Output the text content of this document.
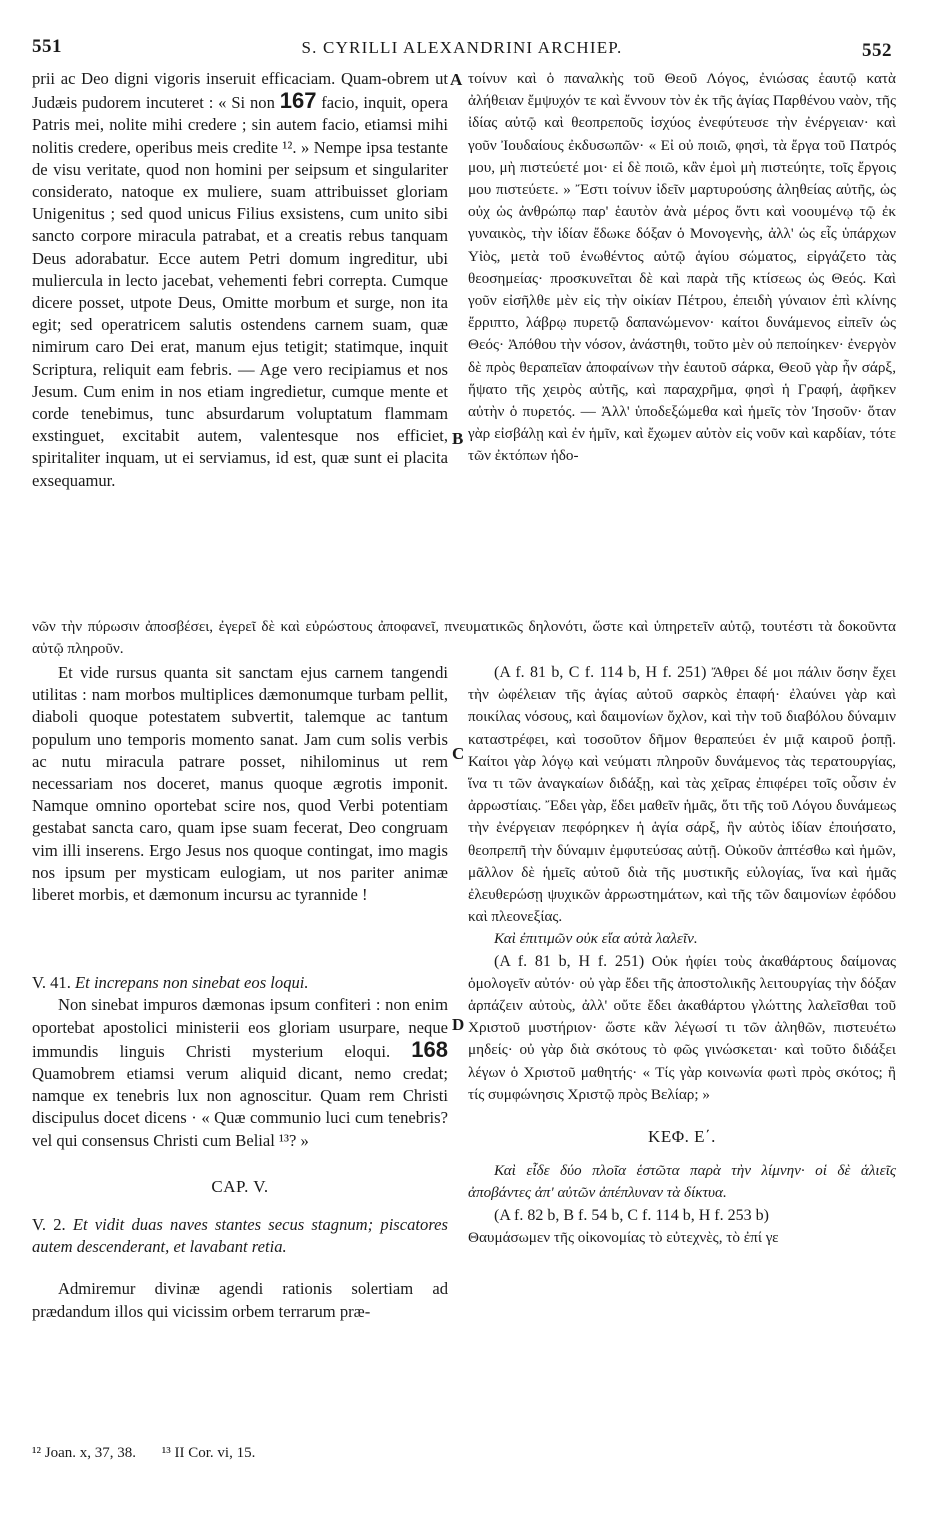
551	S. CYRILLI ALEXANDRINI ARCHIEP.	552
A
B
C
D

prii ac Deo digni vigoris inseruit efficaciam. Quam-obrem ut Judæis pudorem incuteret : « Si non 167 facio, inquit, opera Patris mei, nolite mihi credere ; sin autem facio, etiamsi mihi nolitis credere, operibus meis credite ¹². » Nempe ipsa testante de visu veritate, quod non homini per seipsum et singulariter considerato, natoque ex muliere, suam attribuisset gloriam Unigenitus ; sed quod unicus Filius exsistens, cum unito sibi sancto corpore miracula patrabat, et a creatis rebus tanquam Deus adorabatur. Ecce autem Petri domum ingreditur, ubi muliercula in lecto jacebat, vehementi febri correpta. Cumque dicere posset, utpote Deus, Omitte morbum et surge, non ita egit; sed operatricem salutis ostendens carnem suam, quæ nimirum caro Dei erat, manum ejus tetigit; statimque, inquit Scriptura, reliquit eam febris. — Age vero recipiamus et nos Jesum. Cum enim in nos etiam ingredietur, cumque mente et corde tenebimus, tunc absurdarum voluptatum flammam exstinguet, excitabit autem, valentesque nos efficiet, spiritaliter inquam, ut ei serviamus, id est, quæ sunt ei placita exsequamur.

τοίνυν καὶ ὁ παναλκὴς τοῦ Θεοῦ Λόγος, ἐνιώσας ἑαυτῷ κατὰ ἀλήθειαν ἔμψυχόν τε καὶ ἔννουν τὸν ἐκ τῆς ἁγίας Παρθένου ναὸν, τῆς ἰδίας αὐτῷ καὶ θεοπρεποῦς ἰσχύος ἐνεφύτευσε τὴν ἐνέργειαν· καὶ γοῦν Ἰουδαίους ἐκδυσωπῶν· « Εἰ οὐ ποιῶ, φησὶ, τὰ ἔργα τοῦ Πατρός μου, μὴ πιστεύετέ μοι· εἰ δὲ ποιῶ, κἂν ἐμοὶ μὴ πιστεύητε, τοῖς ἔργοις μου πιστεύετε. » Ἔστι τοίνυν ἰδεῖν μαρτυρούσης ἀληθείας αὐτῆς, ὡς οὐχ ὡς ἀνθρώπῳ παρ' ἑαυτὸν ἀνὰ μέρος ὄντι καὶ νοουμένῳ τῷ ἐκ γυναικὸς, τὴν ἰδίαν ἔδωκε δόξαν ὁ Μονογενὴς, ἀλλ' ὡς εἷς ὑπάρχων Υἱὸς, μετὰ τοῦ ἑνωθέντος αὐτῷ ἁγίου σώματος, εἰργάζετο τὰς θεοσημείας· προσκυνεῖται δὲ καὶ παρὰ τῆς κτίσεως ὡς Θεός. Καὶ γοῦν εἰσῆλθε μὲν εἰς τὴν οἰκίαν Πέτρου, ἐπειδὴ γύναιον ἐπὶ κλίνης ἔρριπτο, λάβρῳ πυρετῷ δαπανώμενον· καίτοι δυνάμενος εἰπεῖν ὡς Θεός· Ἀπόθου τὴν νόσον, ἀνάστηθι, τοῦτο μὲν οὐ πεποίηκεν· ἐνεργὸν δὲ πρὸς θεραπεῖαν ἀποφαίνων τὴν ἑαυτοῦ σάρκα, Θεοῦ γὰρ ἦν σάρξ, ἥψατο τῆς χειρὸς αὐτῆς, καὶ παραχρῆμα, φησὶ ἡ Γραφή, ἀφῆκεν αὐτὴν ὁ πυρετός. — Ἀλλ' ὑποδεξώμεθα καὶ ἡμεῖς τὸν Ἰησοῦν· ὅταν γὰρ εἰσβάλῃ καὶ ἐν ἡμῖν, καὶ ἔχωμεν αὐτὸν εἰς νοῦν καὶ καρδίαν, τότε τῶν ἐκτόπων ἡδο-

νῶν τὴν πύρωσιν ἀποσβέσει, ἐγερεῖ δὲ καὶ εὐρώστους ἀποφανεῖ, πνευματικῶς δηλονότι, ὥστε καὶ ὑπηρετεῖν αὐτῷ, τουτέστι τὰ δοκοῦντα αὐτῷ πληροῦν.

Et vide rursus quanta sit sanctam ejus carnem tangendi utilitas : nam morbos multiplices dæmonumque turbam pellit, diaboli quoque potestatem subvertit, talemque ac tantum populum uno temporis momento sanat. Jam cum solis verbis ac nutu miracula patrare posset, nihilominus ut rem necessariam nos doceret, manus quoque ægrotis imponit. Namque omnino oportebat scire nos, quod Verbi potentiam gestabat sancta caro, quam ipse suam fecerat, Deo congruam vim illi inserens. Ergo Jesus nos quoque contingat, imo magis nos ipsum per mysticam eulogiam, ut nos pariter animæ liberet morbis, et dæmonum incursu ac tyrannide !

V. 41. Et increpans non sinebat eos loqui.

Non sinebat impuros dæmonas ipsum confiteri : non enim oportebat apostolici ministerii eos gloriam usurpare, neque immundis linguis Christi mysterium eloqui. 168 Quamobrem etiamsi verum aliquid dicant, nemo credat; namque ex tenebris lux non agnoscitur. Quam rem Christi discipulus docet dicens · « Quæ communio luci cum tenebris? vel qui consensus Christi cum Belial ¹³? »

CAP. V.

V. 2. Et vidit duas naves stantes secus stagnum; piscatores autem descenderant, et lavabant retia.

Admiremur divinæ agendi rationis solertiam ad prædandum illos qui vicissim orbem terrarum præ-

(A f. 81 b, C f. 114 b, H f. 251) Ἄθρει δέ μοι πάλιν ὅσην ἔχει τὴν ὠφέλειαν τῆς ἁγίας αὐτοῦ σαρκὸς ἐπαφή· ἐλαύνει γὰρ καὶ ποικίλας νόσους, καὶ δαιμονίων ὄχλον, καὶ τὴν τοῦ διαβόλου δύναμιν καταστρέφει, καὶ τοσοῦτον δῆμον θεραπεύει ἐν μιᾷ καιροῦ ῥοπῇ. Καίτοι γὰρ λόγῳ καὶ νεύματι πληροῦν δυνάμενος τὰς τερατουργίας, ἵνα τι τῶν ἀναγκαίων διδάξῃ, καὶ τὰς χεῖρας ἐπιφέρει τοῖς οὖσιν ἐν ἀρρωστίαις. Ἔδει γὰρ, ἔδει μαθεῖν ἡμᾶς, ὅτι τῆς τοῦ Λόγου δυνάμεως τὴν ἐνέργειαν πεφόρηκεν ἡ ἁγία σάρξ, ἣν αὐτὸς ἰδίαν ἐποιήσατο, θεοπρεπῆ τὴν δύναμιν ἐμφυτεύσας αὐτῇ. Οὐκοῦν ἀπτέσθω καὶ ἡμῶν, μᾶλλον δὲ ἡμεῖς αὐτοῦ διὰ τῆς μυστικῆς εὐλογίας, ἵνα καὶ ἡμᾶς ἐλευθερώσῃ ψυχικῶν ἀρρωστημάτων, καὶ τῆς τῶν δαιμονίων ἐφόδου καὶ πλεονεξίας.

Καὶ ἐπιτιμῶν οὐκ εἴα αὐτὰ λαλεῖν.

(A f. 81 b, H f. 251) Οὐκ ἠφίει τοὺς ἀκαθάρτους δαίμονας ὁμολογεῖν αὐτόν· οὐ γὰρ ἔδει τῆς ἀποστολικῆς λειτουργίας τὴν δόξαν ἁρπάζειν αὐτοὺς, ἀλλ' οὔτε ἔδει ἀκαθάρτου γλώττης λαλεῖσθαι τοῦ Χριστοῦ μυστήριον· ὥστε κἂν λέγωσί τι τῶν ἀληθῶν, πιστευέτω μηδείς· οὐ γὰρ διὰ σκότους τὸ φῶς γινώσκεται· καὶ τοῦτο διδάξει λέγων ὁ Χριστοῦ μαθητής· « Τίς γὰρ κοινωνία φωτὶ πρὸς σκότος; ἢ τίς συμφώνησις Χριστῷ πρὸς Βελίαρ; »

ΚΕΦ. Ε΄.

Καὶ εἶδε δύο πλοῖα ἑστῶτα παρὰ τὴν λίμνην· οἱ δὲ ἁλιεῖς ἀποβάντες ἀπ' αὐτῶν ἀπέπλυναν τὰ δίκτυα.

(A f. 82 b, B f. 54 b, C f. 114 b, H f. 253 b)

Θαυμάσωμεν τῆς οἰκονομίας τὸ εὐτεχνὲς, τὸ ἐπί γε

¹² Joan. x, 37, 38. ¹³ II Cor. vi, 15.
